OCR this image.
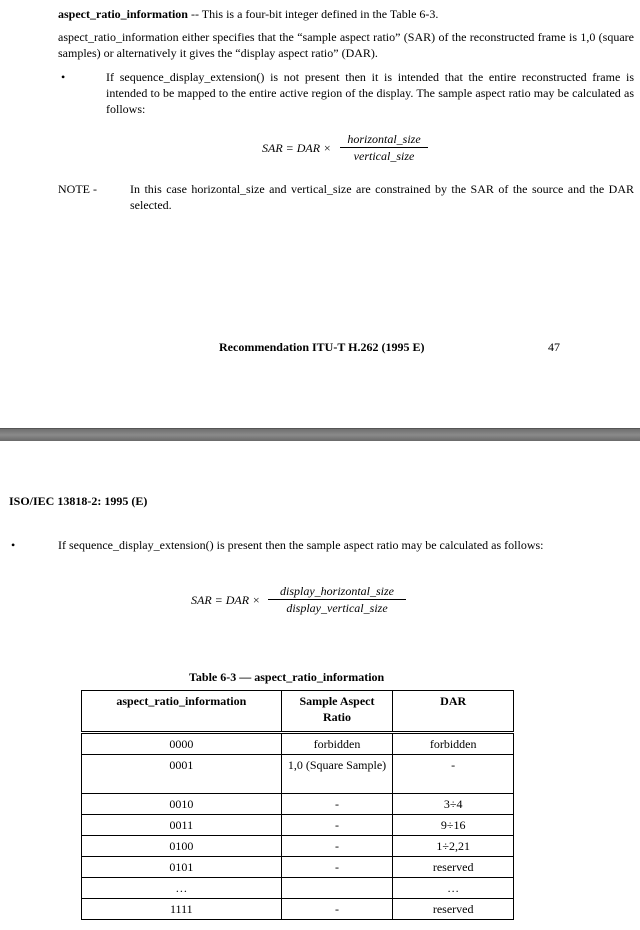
aspect_ratio_information -- This is a four-bit integer defined in the Table 6-3.
aspect_ratio_information either specifies that the “sample aspect ratio” (SAR) of the reconstructed frame is 1,0 (square samples) or alternatively it gives the “display aspect ratio” (DAR).
•	If sequence_display_extension() is not present then it is intended that the entire reconstructed frame is intended to be mapped to the entire active region of the display. The sample aspect ratio may be calculated as follows:
SAR = DAR ×
horizontal_size
vertical_size
NOTE -	In this case horizontal_size and vertical_size are constrained by the SAR of the source and the DAR selected.
Recommendation ITU-T H.262 (1995 E)	47
ISO/IEC 13818-2: 1995 (E)
•	If sequence_display_extension() is present then the sample aspect ratio may be calculated as follows:
SAR = DAR ×
display_horizontal_size
display_vertical_size
Table 6-3 — aspect_ratio_information
aspect_ratio_information	Sample Aspect Ratio	DAR
0000	forbidden	forbidden
0001	1,0 (Square Sample)	-
0010	-	3÷4
0011	-	9÷16
0100	-	1÷2,21
0101	-	reserved
…		…
1111	-	reserved
